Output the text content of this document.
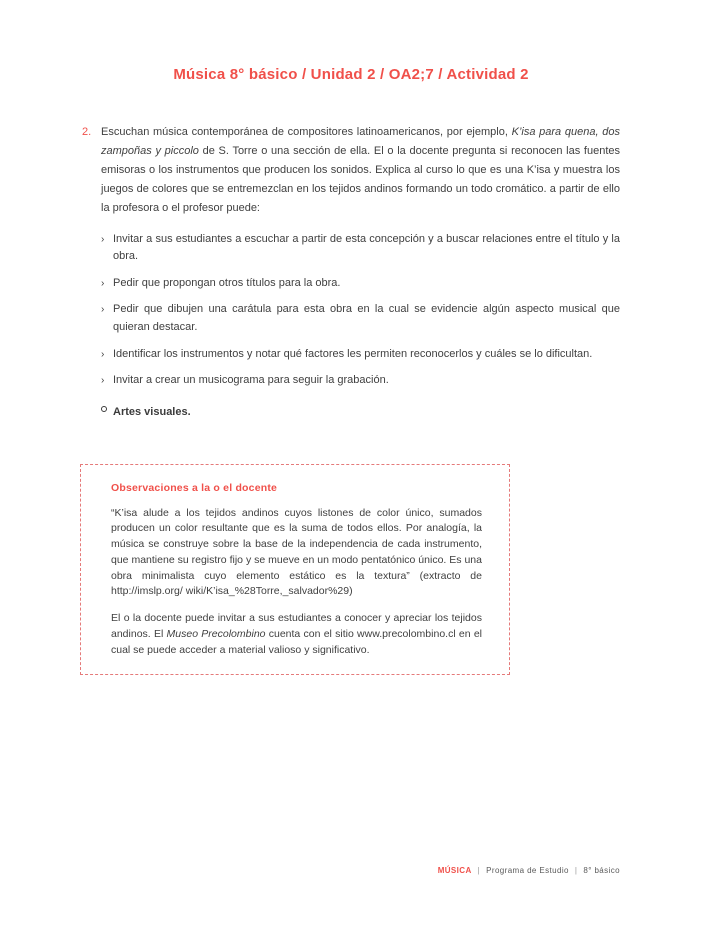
Música 8° básico / Unidad 2 / OA2;7 / Actividad 2
2. Escuchan música contemporánea de compositores latinoamericanos, por ejemplo, K’isa para quena, dos zampoñas y piccolo de S. Torre o una sección de ella. El o la docente pregunta si reconocen las fuentes emisoras o los instrumentos que producen los sonidos. Explica al curso lo que es una K’isa y muestra los juegos de colores que se entremezclan en los tejidos andinos formando un todo cromático. a partir de ello la profesora o el profesor puede:

› Invitar a sus estudiantes a escuchar a partir de esta concepción y a buscar relaciones entre el título y la obra.
› Pedir que propongan otros títulos para la obra.
› Pedir que dibujen una carátula para esta obra en la cual se evidencie algún aspecto musical que quieran destacar.
› Identificar los instrumentos y notar qué factores les permiten reconocerlos y cuáles se lo dificultan.
› Invitar a crear un musicograma para seguir la grabación.

Artes visuales.

Observaciones a la o el docente

“K’isa alude a los tejidos andinos cuyos listones de color único, sumados producen un color resultante que es la suma de todos ellos. Por analogía, la música se construye sobre la base de la independencia de cada instrumento, que mantiene su registro fijo y se mueve en un modo pentatónico único. Es una obra minimalista cuyo elemento estático es la textura” (extracto de http://imslp.org/ wiki/K’isa_%28Torre,_salvador%29)

El o la docente puede invitar a sus estudiantes a conocer y apreciar los tejidos andinos. El Museo Precolombino cuenta con el sitio www.precolombino.cl en el cual se puede acceder a material valioso y significativo.

MÚSICA | Programa de Estudio | 8° básico
